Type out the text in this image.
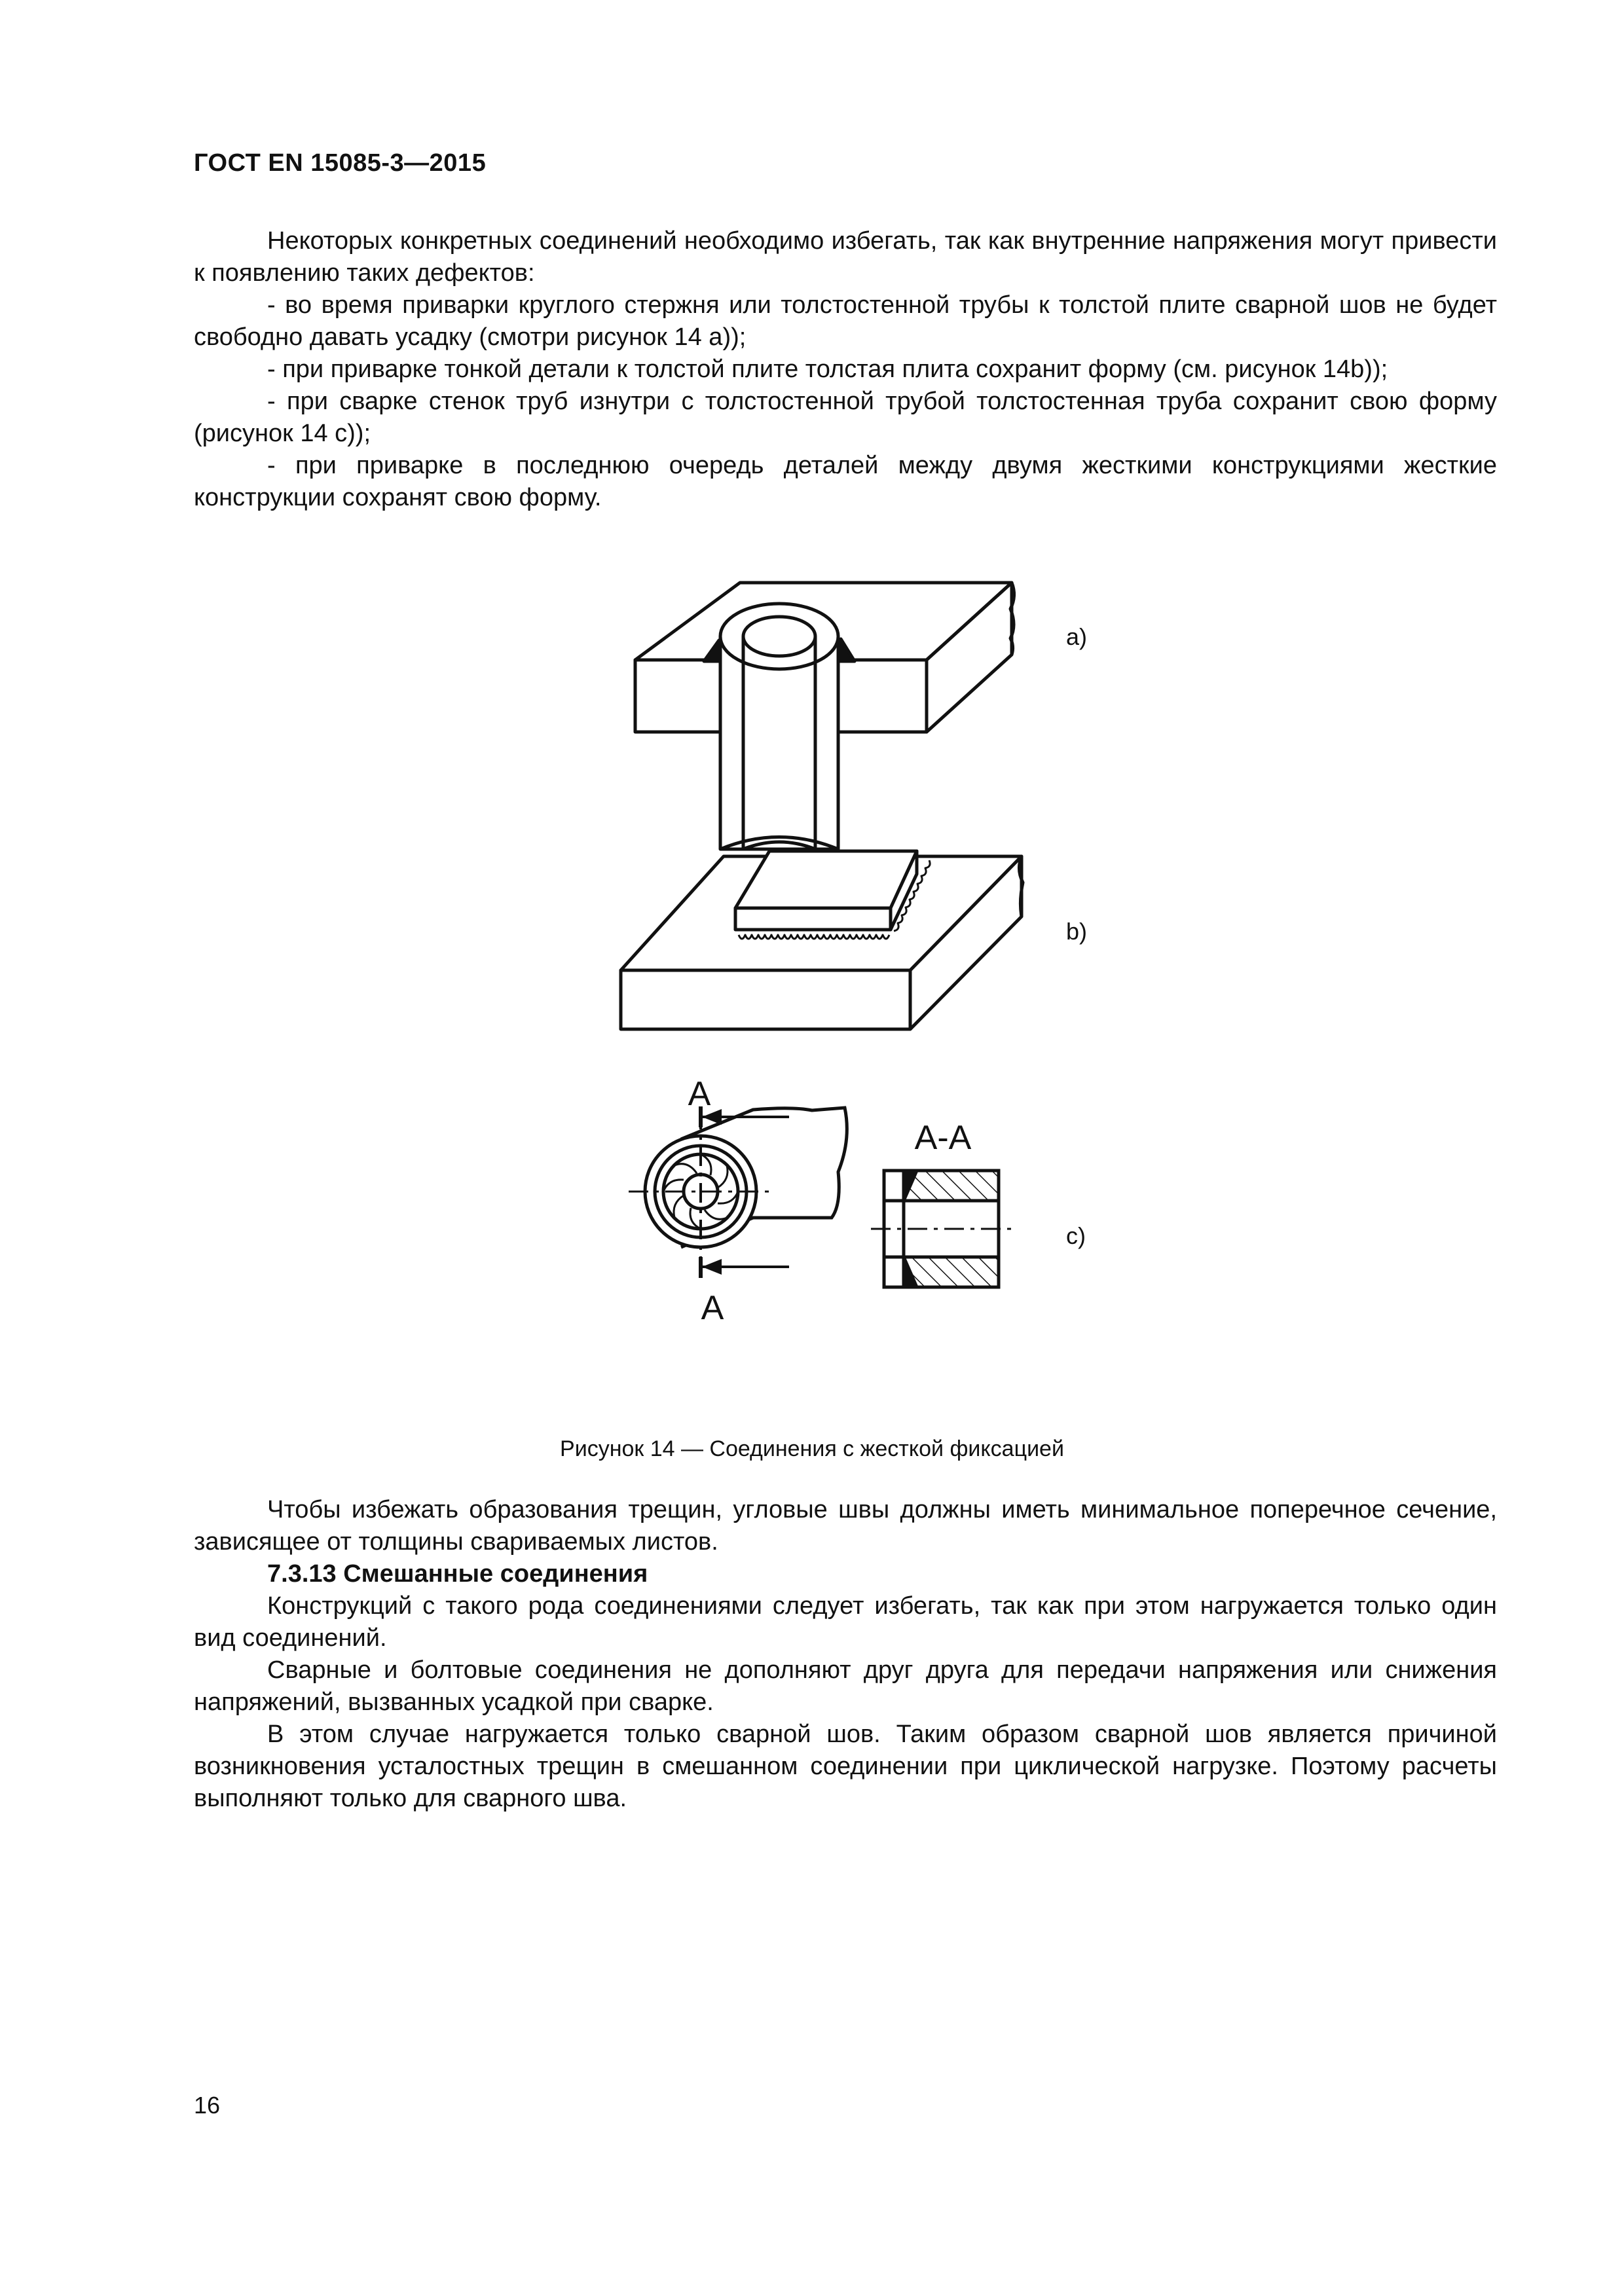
ГОСТ EN 15085-3—2015

Некоторых конкретных соединений необходимо избегать, так как внутренние напряжения могут привести к появлению таких дефектов:

- во время приварки круглого стержня или толстостенной трубы к толстой плите сварной шов не будет свободно давать усадку (смотри рисунок 14 а));

- при приварке тонкой детали к толстой плите толстая плита сохранит форму (см. рисунок 14b));

- при сварке стенок труб изнутри с толстостенной трубой толстостенная труба сохранит свою форму (рисунок 14 с));

- при приварке в последнюю очередь деталей между двумя жесткими конструкциями жесткие конструкции сохранят свою форму.

a)
b)
A
A
A-A
c)
Рисунок 14 — Соединения с жесткой фиксацией

Чтобы избежать образования трещин, угловые швы должны иметь минимальное поперечное сечение, зависящее от толщины свариваемых листов.

7.3.13 Смешанные соединения

Конструкций с такого рода соединениями следует избегать, так как при этом нагружается только один вид соединений.

Сварные и болтовые соединения не дополняют друг друга для передачи напряжения или снижения напряжений, вызванных усадкой при сварке.

В этом случае нагружается только сварной шов. Таким образом сварной шов является причиной возникновения усталостных трещин в смешанном соединении при циклической нагрузке. Поэтому расчеты выполняют только для сварного шва.

16
